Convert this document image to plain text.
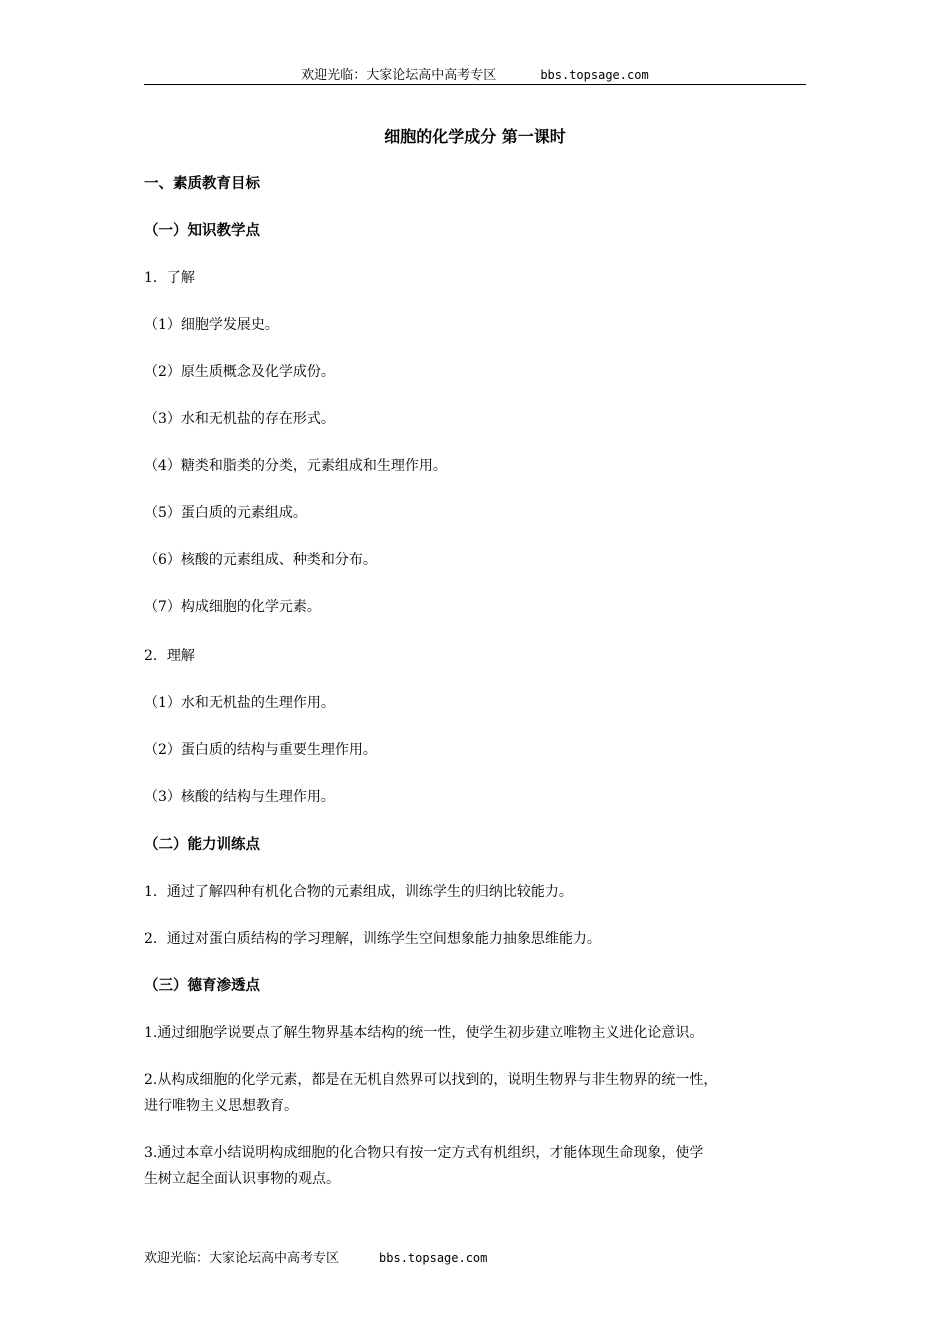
欢迎光临：大家论坛高中高考专区	bbs.topsage.com
细胞的化学成分 第一课时
一、素质教育目标
（一）知识教学点
1．了解
（1）细胞学发展史。
（2）原生质概念及化学成份。
（3）水和无机盐的存在形式。
（4）糖类和脂类的分类，元素组成和生理作用。
（5）蛋白质的元素组成。
（6）核酸的元素组成、种类和分布。
（7）构成细胞的化学元素。
2．理解
（1）水和无机盐的生理作用。
（2）蛋白质的结构与重要生理作用。
（3）核酸的结构与生理作用。
（二）能力训练点
1．通过了解四种有机化合物的元素组成，训练学生的归纳比较能力。
2．通过对蛋白质结构的学习理解，训练学生空间想象能力抽象思维能力。
（三）德育渗透点
1.通过细胞学说要点了解生物界基本结构的统一性，使学生初步建立唯物主义进化论意识。
2.从构成细胞的化学元素，都是在无机自然界可以找到的，说明生物界与非生物界的统一性，
进行唯物主义思想教育。
3.通过本章小结说明构成细胞的化合物只有按一定方式有机组织，才能体现生命现象，使学
生树立起全面认识事物的观点。
欢迎光临：大家论坛高中高考专区	bbs.topsage.com
